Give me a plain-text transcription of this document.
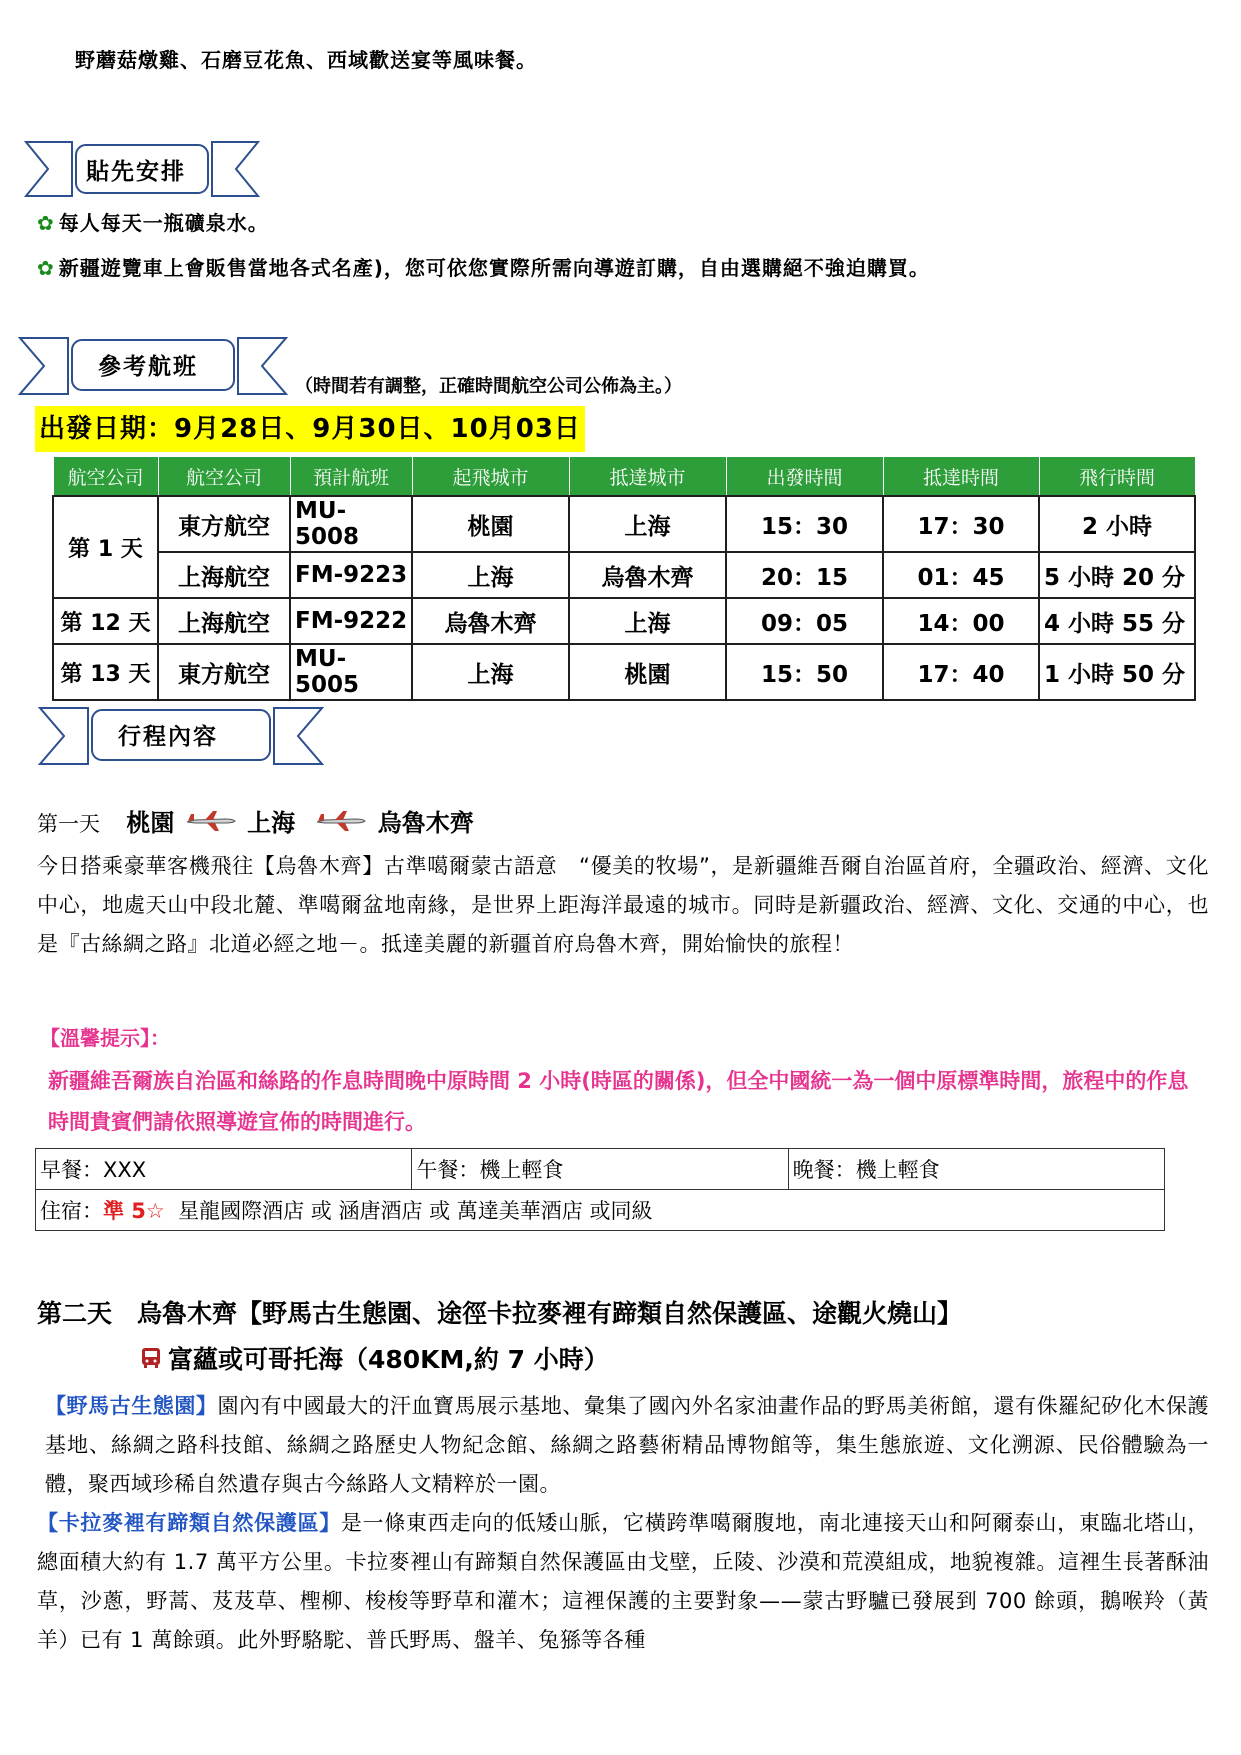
野蘑菇燉雞、石磨豆花魚、西域歡送宴等風味餐。
貼先安排
✿ 每人每天一瓶礦泉水。
✿ 新疆遊覽車上會販售當地各式名產)，您可依您實際所需向導遊訂購，自由選購絕不強迫購買。
參考航班
（時間若有調整，正確時間航空公司公佈為主。）
出發日期：9月28日、9月30日、10月03日
航空公司	航空公司	預計航班	起飛城市	抵達城市	出發時間	抵達時間	飛行時間
第 1 天	東方航空	MU-5008	桃園	上海	15：30	17：30	2 小時
	上海航空	FM-9223	上海	烏魯木齊	20：15	01：45	5 小時 20 分
第 12 天	上海航空	FM-9222	烏魯木齊	上海	09：05	14：00	4 小時 55 分
第 13 天	東方航空	MU-5005	上海	桃園	15：50	17：40	1 小時 50 分
行程內容
第一天 桃園	上海	烏魯木齊
今日搭乘豪華客機飛往【烏魯木齊】古準噶爾蒙古語意　“優美的牧場”，是新疆維吾爾自治區首府，全疆政治、經濟、文化中心，地處天山中段北麓、準噶爾盆地南緣，是世界上距海洋最遠的城市。同時是新疆政治、經濟、文化、交通的中心，也是『古絲綢之路』北道必經之地－。抵達美麗的新疆首府烏魯木齊，開始愉快的旅程！
【溫馨提示】：
新疆維吾爾族自治區和絲路的作息時間晚中原時間 2 小時(時區的關係)，但全中國統一為一個中原標準時間，旅程中的作息時間貴賓們請依照導遊宣佈的時間進行。
早餐：XXX	午餐：機上輕食	晚餐：機上輕食
住宿：準 5☆ 星龍國際酒店 或 涵唐酒店 或 萬達美華酒店 或同級
第二天　烏魯木齊【野馬古生態園、途徑卡拉麥裡有蹄類自然保護區、途觀火燒山】
富蘊或可哥托海（480KM,約 7 小時）
【野馬古生態園】園內有中國最大的汗血寶馬展示基地、彙集了國內外名家油畫作品的野馬美術館，還有侏羅紀矽化木保護基地、絲綢之路科技館、絲綢之路歷史人物紀念館、絲綢之路藝術精品博物館等，集生態旅遊、文化溯源、民俗體驗為一體，聚西域珍稀自然遺存與古今絲路人文精粹於一園。
【卡拉麥裡有蹄類自然保護區】是一條東西走向的低矮山脈，它橫跨準噶爾腹地，南北連接天山和阿爾泰山，東臨北塔山，總面積大約有 1.7 萬平方公里。卡拉麥裡山有蹄類自然保護區由戈壁，丘陵、沙漠和荒漠組成，地貌複雜。這裡生長著酥油草，沙蔥，野蒿、芨芨草、檉柳、梭梭等野草和灌木；這裡保護的主要對象——蒙古野驢已發展到 700 餘頭，鵝喉羚（黃羊）已有 1 萬餘頭。此外野駱駝、普氏野馬、盤羊、兔猻等各種
